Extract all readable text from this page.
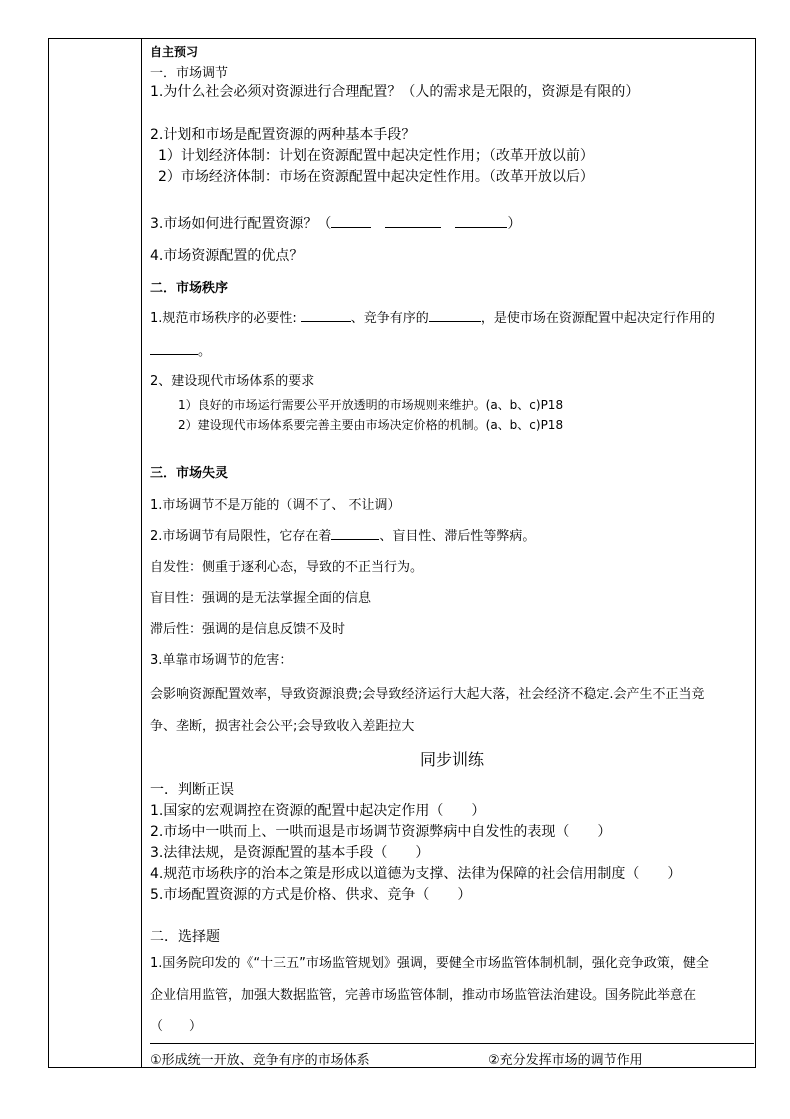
自主预习
一．市场调节
1.为什么社会必须对资源进行合理配置？（人的需求是无限的，资源是有限的）
2.计划和市场是配置资源的两种基本手段？
1）计划经济体制：计划在资源配置中起决定性作用；（改革开放以前）
2）市场经济体制：市场在资源配置中起决定性作用。（改革开放以后）
3.市场如何进行配置资源？（	）
4.市场资源配置的优点？
二．市场秩序
1.规范市场秩序的必要性:	、竞争有序的	，是使市场在资源配置中起决定行作用的
。
2、建设现代市场体系的要求
1）良好的市场运行需要公平开放透明的市场规则来维护。(a、b、c)P18
2）建设现代市场体系要完善主要由市场决定价格的机制。(a、b、c)P18
三．市场失灵
1.市场调节不是万能的（调不了、 不让调）
2.市场调节有局限性，它存在着	、盲目性、滞后性等弊病。
自发性：侧重于逐利心态，导致的不正当行为。
盲目性：强调的是无法掌握全面的信息
滞后性：强调的是信息反馈不及时
3.单靠市场调节的危害：
会影响资源配置效率，导致资源浪费;会导致经济运行大起大落，社会经济不稳定.会产生不正当竞
争、垄断，损害社会公平;会导致收入差距拉大
同步训练
一．判断正误
1.国家的宏观调控在资源的配置中起决定作用（　　）
2.市场中一哄而上、一哄而退是市场调节资源弊病中自发性的表现（　　）
3.法律法规，是资源配置的基本手段（　　）
4.规范市场秩序的治本之策是形成以道德为支撑、法律为保障的社会信用制度（　　）
5.市场配置资源的方式是价格、供求、竞争（　　）
二．选择题
1.国务院印发的《“十三五”市场监管规划》强调，要健全市场监管体制机制，强化竞争政策，健全
企业信用监管，加强大数据监管，完善市场监管体制，推动市场监管法治建设。国务院此举意在
（　　）
①形成统一开放、竞争有序的市场体系	②充分发挥市场的调节作用
